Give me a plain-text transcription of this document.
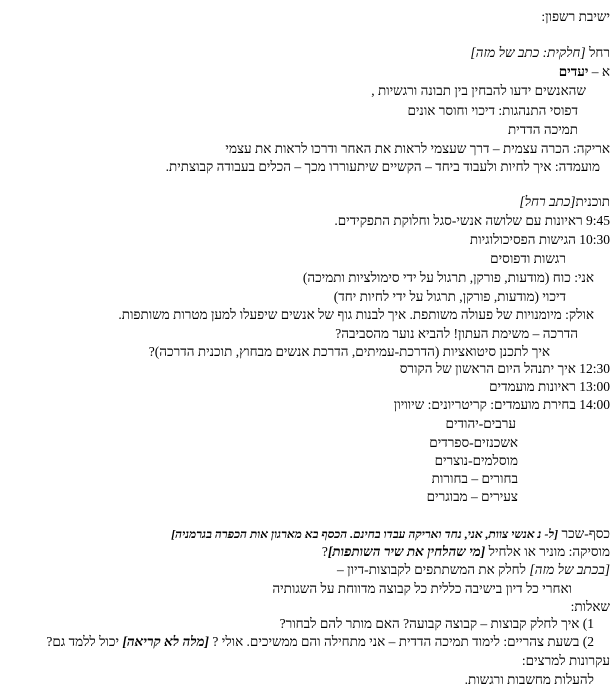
ישיבת רשפון:
רחל [חלקית: כתב של מזה]
א – יעדים
שהאנשים ידעו להבחין בין תבונה ורגשיות ,
דפוסי התנהגות: דיכוי וחוסר אונים
תמיכה הדדית
אריקה: הכרה עצמית – דרך שעצמי לראות את האחר ודרכו לראות את עצמי
מועמדה: איך לחיות ולעבוד ביחד – הקשיים שיתעוררו מכך – הכלים בעבודה קבוצתית.
תוכנית[כתב רחל]
9:45 ראיונות עם שלושה אנשי-סגל וחלוקת התפקידים.
10:30 הגישות הפסיכולוגיות
רגשות ודפוסים
אני: כוח (מודעות, פורקן, תרגול על ידי סימולציות ותמיכה)
דיכוי (מודעות, פורקן, תרגול על ידי לחיות יחד)
אולק: מיומנויות של פעולה משותפת. איך לבנות גוף של אנשים שיפעלו למען מטרות משותפות.
הדרכה – משימת העתון! להביא נוער מהסביבה?
איך לתכנן סיטואציות (הדרכת-עמיתים, הדרכת אנשים מבחוץ, תוכנית הדרכה)?
12:30 איך יתנהל היום הראשון של הקורס
13:00 ראיונות מועמדים
14:00 בחירת מועמדים: קריטריונים: שיוויון
ערבים-יהודים
אשכנזים-ספרדים
מוסלמים-נוצרים
בחורים – בחורות
צעירים – מבוגרים
כסף-שכר [ל- נ אנשי צוות, אני, נחד ואריקה עבדו בחינם. הכסף בא מארגון אות הכפרה בגרמניה]
מוסיקה: מוניר או אלחיל [מי שהלחין את שיר השותפות]?
[בכתב של מזה] לחלק את המשתתפים לקבוצות-דיון –
ואחרי כל דיון בישיבה כללית כל קבוצה מדווחת על השגותיה
שאלות:
1) איך לחלק קבוצות – קבוצה קבועה? האם מותר להם לבחור?
2) בשעת צהריים: לימוד תמיכה הדדית – אני מתחילה והם ממשיכים. אולי ? [מלה לא קריאה] יכול ללמד גם?
עקרונות למרצים:
להעלות מחשבות ורגשות.
